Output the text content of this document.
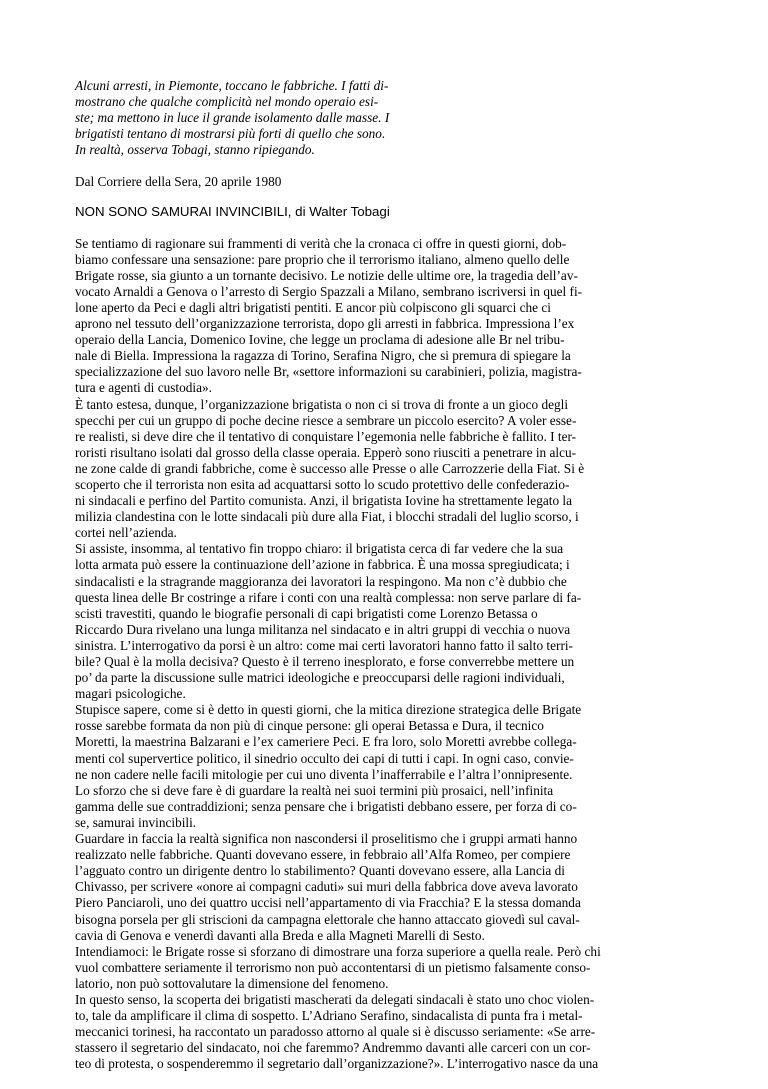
Alcuni arresti, in Piemonte, toccano le fabbriche. I fatti di-
mostrano che qualche complicità nel mondo operaio esi-
ste; ma mettono in luce il grande isolamento dalle masse. I
brigatisti tentano di mostrarsi più forti di quello che sono.
In realtà, osserva Tobagi, stanno ripiegando.
Dal Corriere della Sera, 20 aprile 1980
NON SONO SAMURAI INVINCIBILI, di Walter Tobagi
Se tentiamo di ragionare sui frammenti di verità che la cronaca ci offre in questi giorni, dob-
biamo confessare una sensazione: pare proprio che il terrorismo italiano, almeno quello delle
Brigate rosse, sia giunto a un tornante decisivo. Le notizie delle ultime ore, la tragedia dell’av-
vocato Arnaldi a Genova o l’arresto di Sergio Spazzali a Milano, sembrano iscriversi in quel fi-
lone aperto da Peci e dagli altri brigatisti pentiti. E ancor più colpiscono gli squarci che ci
aprono nel tessuto dell’organizzazione terrorista, dopo gli arresti in fabbrica. Impressiona l’ex
operaio della Lancia, Domenico Iovine, che legge un proclama di adesione alle Br nel tribu-
nale di Biella. Impressiona la ragazza di Torino, Serafina Nigro, che si premura di spiegare la
specializzazione del suo lavoro nelle Br, «settore informazioni su carabinieri, polizia, magistra-
tura e agenti di custodia».
È tanto estesa, dunque, l’organizzazione brigatista o non ci si trova di fronte a un gioco degli
specchi per cui un gruppo di poche decine riesce a sembrare un piccolo esercito? A voler esse-
re realisti, si deve dire che il tentativo di conquistare l’egemonia nelle fabbriche è fallito. I ter-
roristi risultano isolati dal grosso della classe operaia. Epperò sono riusciti a penetrare in alcu-
ne zone calde di grandi fabbriche, come è successo alle Presse o alle Carrozzerie della Fiat. Si è
scoperto che il terrorista non esita ad acquattarsi sotto lo scudo protettivo delle confederazio-
ni sindacali e perfino del Partito comunista. Anzi, il brigatista Iovine ha strettamente legato la
milizia clandestina con le lotte sindacali più dure alla Fiat, i blocchi stradali del luglio scorso, i
cortei nell’azienda.
Si assiste, insomma, al tentativo fin troppo chiaro: il brigatista cerca di far vedere che la sua
lotta armata può essere la continuazione dell’azione in fabbrica. È una mossa spregiudicata; i
sindacalisti e la stragrande maggioranza dei lavoratori la respingono. Ma non c’è dubbio che
questa linea delle Br costringe a rifare i conti con una realtà complessa: non serve parlare di fa-
scisti travestiti, quando le biografie personali di capi brigatisti come Lorenzo Betassa o
Riccardo Dura rivelano una lunga militanza nel sindacato e in altri gruppi di vecchia o nuova
sinistra. L’interrogativo da porsi è un altro: come mai certi lavoratori hanno fatto il salto terri-
bile? Qual è la molla decisiva? Questo è il terreno inesplorato, e forse converrebbe mettere un
po’ da parte la discussione sulle matrici ideologiche e preoccuparsi delle ragioni individuali,
magari psicologiche.
Stupisce sapere, come si è detto in questi giorni, che la mitica direzione strategica delle Brigate
rosse sarebbe formata da non più di cinque persone: gli operai Betassa e Dura, il tecnico
Moretti, la maestrina Balzarani e l’ex cameriere Peci. E fra loro, solo Moretti avrebbe collega-
menti col supervertice politico, il sinedrio occulto dei capi di tutti i capi. In ogni caso, convie-
ne non cadere nelle facili mitologie per cui uno diventa l’inafferrabile e l’altra l’onnipresente.
Lo sforzo che si deve fare è di guardare la realtà nei suoi termini più prosaici, nell’infinita
gamma delle sue contraddizioni; senza pensare che i brigatisti debbano essere, per forza di co-
se, samurai invincibili.
Guardare in faccia la realtà significa non nascondersi il proselitismo che i gruppi armati hanno
realizzato nelle fabbriche. Quanti dovevano essere, in febbraio all’Alfa Romeo, per compiere
l’agguato contro un dirigente dentro lo stabilimento? Quanti dovevano essere, alla Lancia di
Chivasso, per scrivere «onore ai compagni caduti» sui muri della fabbrica dove aveva lavorato
Piero Panciaroli, uno dei quattro uccisi nell’appartamento di via Fracchia? E la stessa domanda
bisogna porsela per gli striscioni da campagna elettorale che hanno attaccato giovedì sul caval-
cavia di Genova e venerdì davanti alla Breda e alla Magneti Marelli di Sesto.
Intendiamoci: le Brigate rosse si sforzano di dimostrare una forza superiore a quella reale. Però chi
vuol combattere seriamente il terrorismo non può accontentarsi di un pietismo falsamente conso-
latorio, non può sottovalutare la dimensione del fenomeno.
In questo senso, la scoperta dei brigatisti mascherati da delegati sindacali è stato uno choc violen-
to, tale da amplificare il clima di sospetto. L’Adriano Serafino, sindacalista di punta fra i metal-
meccanici torinesi, ha raccontato un paradosso attorno al quale si è discusso seriamente: «Se arre-
stassero il segretario del sindacato, noi che faremmo? Andremmo davanti alle carceri con un cor-
teo di protesta, o sospenderemmo il segretario dall’organizzazione?». L’interrogativo nasce da una
